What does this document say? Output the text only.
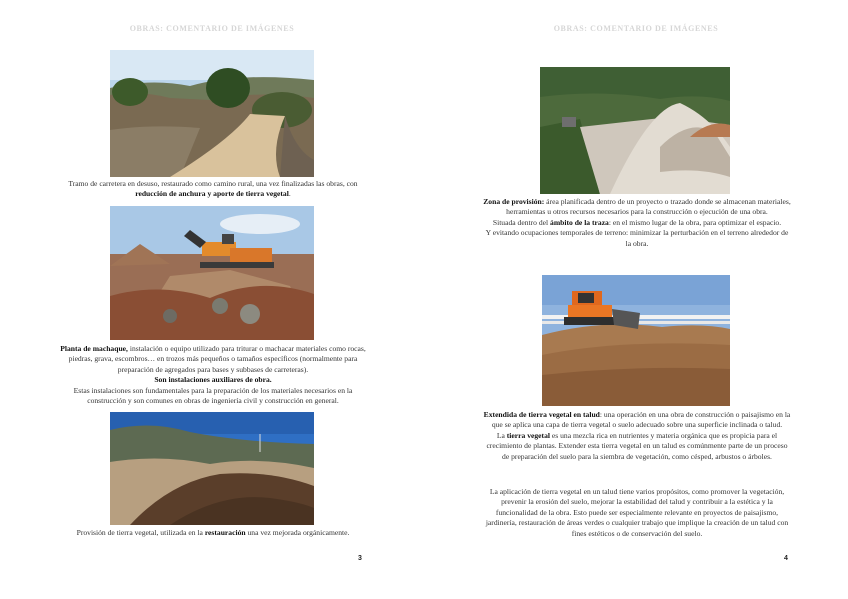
OBRAS: COMENTARIO DE IMÁGENES
Tramo de carretera en desuso, restaurado como camino rural, una vez finalizadas las obras, con reducción de anchura y aporte de tierra vegetal.
Planta de machaque, instalación o equipo utilizado para triturar o machacar materiales como rocas, piedras, grava, escombros… en trozos más pequeños o tamaños específicos (normalmente para preparación de agregados para bases y subbases de carreteras).
Son instalaciones auxiliares de obra.
Estas instalaciones son fundamentales para la preparación de los materiales necesarios en la construcción y son comunes en obras de ingeniería civil y construcción en general.
Provisión de tierra vegetal, utilizada en la restauración una vez mejorada orgánicamente.
3
OBRAS: COMENTARIO DE IMÁGENES
Zona de provisión: área planificada dentro de un proyecto o trazado donde se almacenan materiales, herramientas u otros recursos necesarios para la construcción o ejecución de una obra.
Situada dentro del ámbito de la traza: en el mismo lugar de la obra, para optimizar el espacio.
Y evitando ocupaciones temporales de terreno: minimizar la perturbación en el terreno alrededor de la obra.
Extendida de tierra vegetal en talud: una operación en una obra de construcción o paisajismo en la que se aplica una capa de tierra vegetal o suelo adecuado sobre una superficie inclinada o talud.
La tierra vegetal es una mezcla rica en nutrientes y materia orgánica que es propicia para el crecimiento de plantas. Extender esta tierra vegetal en un talud es comúnmente parte de un proceso de preparación del suelo para la siembra de vegetación, como césped, arbustos o árboles.
La aplicación de tierra vegetal en un talud tiene varios propósitos, como promover la vegetación, prevenir la erosión del suelo, mejorar la estabilidad del talud y contribuir a la estética y la funcionalidad de la obra. Esto puede ser especialmente relevante en proyectos de paisajismo, jardinería, restauración de áreas verdes o cualquier trabajo que implique la creación de un talud con fines estéticos o de conservación del suelo.
4
